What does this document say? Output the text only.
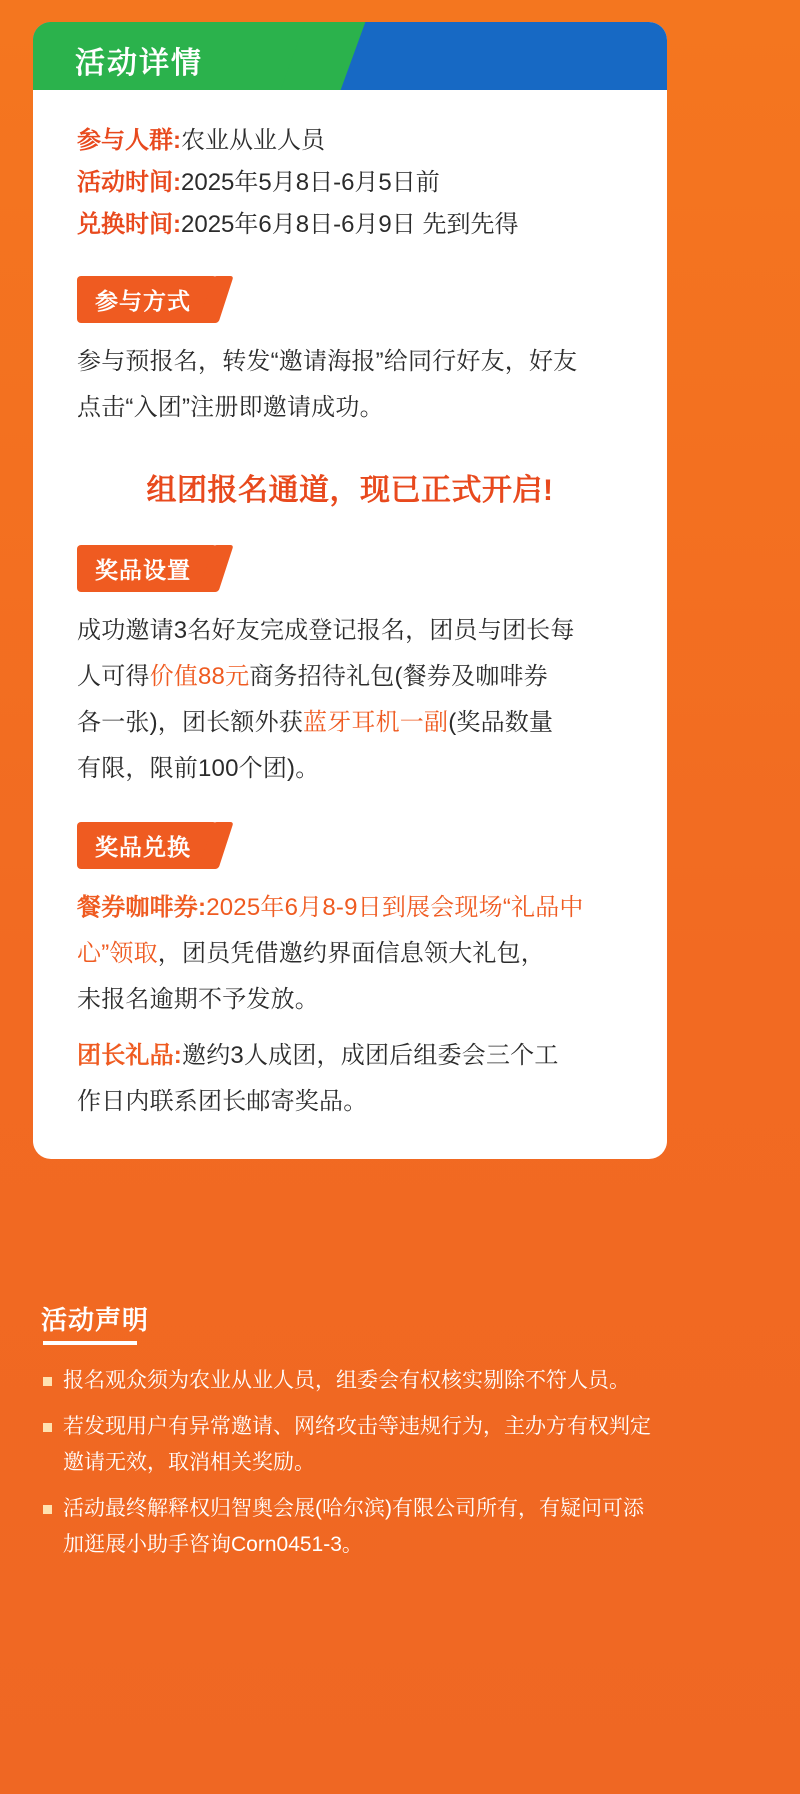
活动详情
参与人群:农业从业人员
活动时间:2025年5月8日-6月5日前
兑换时间:2025年6月8日-6月9日 先到先得
参与方式
参与预报名，转发“邀请海报”给同行好友，好友
点击“入团”注册即邀请成功。
组团报名通道，现已正式开启!
奖品设置
成功邀请3名好友完成登记报名，团员与团长每
人可得价值88元商务招待礼包(餐券及咖啡券
各一张)，团长额外获蓝牙耳机一副(奖品数量
有限，限前100个团)。
奖品兑换
餐券咖啡券:2025年6月8-9日到展会现场“礼品中心”领取，团员凭借邀约界面信息领大礼包，
未报名逾期不予发放。
团长礼品:邀约3人成团，成团后组委会三个工
作日内联系团长邮寄奖品。
活动声明
报名观众须为农业从业人员，组委会有权核实剔除不符人员。
若发现用户有异常邀请、网络攻击等违规行为，主办方有权判定邀请无效，取消相关奖励。
活动最终解释权归智奥会展(哈尔滨)有限公司所有，有疑问可添加逛展小助手咨询Corn0451-3。
